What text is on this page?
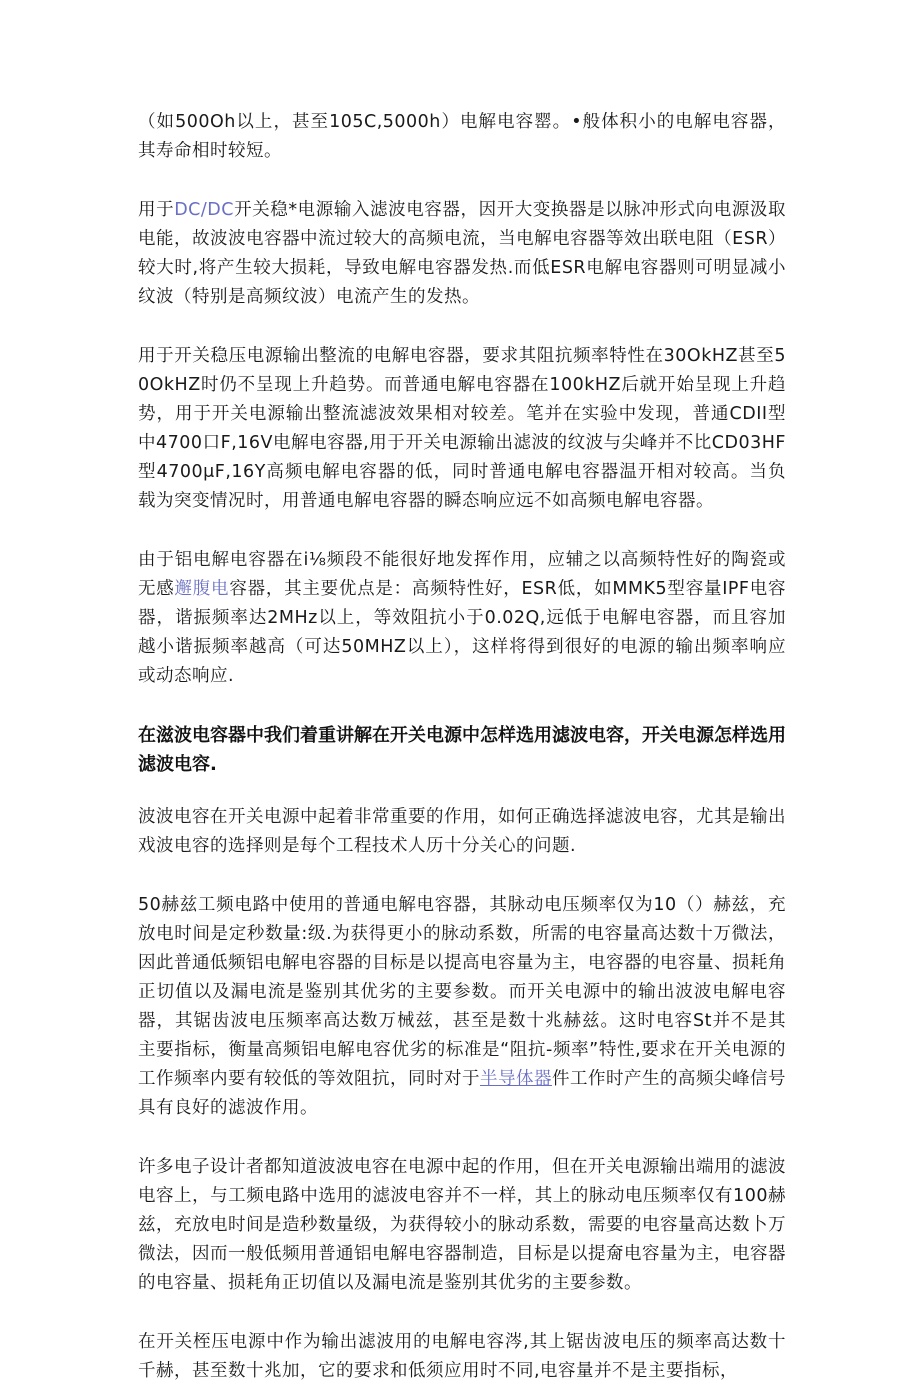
（如500Oh以上，甚至105C,5000h）电解电容罂。•般体积小的电解电容器，其寿命相时较短。

用于DC/DC开关稳*电源输入滤波电容器，因开大变换器是以脉冲形式向电源汲取电能，故波波电容器中流过较大的高频电流，当电解电容器等效出联电阻（ESR）较大时,将产生较大损耗，导致电解电容器发热.而低ESR电解电容器则可明显减小纹波（特别是高频纹波）电流产生的发热。

用于开关稳压电源输出整流的电解电容器，要求其阻抗频率特性在30OkHZ甚至50OkHZ时仍不呈现上升趋势。而普通电解电容器在100kHZ后就开始呈现上升趋势，用于开关电源输出整流滤波效果相对较差。笔并在实验中发现，普通CDII型中4700口F,16V电解电容器,用于开关电源输出滤波的纹波与尖峰并不比CD03HF型4700μF,16Y高频电解电容器的低，同时普通电解电容器温开相对较高。当负载为突变情况时，用普通电解电容器的瞬态响应远不如高频电解电容器。

由于铝电解电容器在i⅛频段不能很好地发挥作用，应辅之以高频特性好的陶瓷或无感邂腹电容器，其主要优点是：高频特性好，ESR低，如MMK5型容量IPF电容器，谐振频率达2MHz以上，等效阻抗小于0.02Q,远低于电解电容器，而且容加越小谐振频率越高（可达50MHZ以上），这样将得到很好的电源的输出频率响应或动态响应.

在滋波电容器中我们着重讲解在开关电源中怎样选用滤波电容，开关电源怎样选用滤波电容.

波波电容在开关电源中起着非常重要的作用，如何正确选择滤波电容，尤其是输出戏波电容的选择则是每个工程技术人历十分关心的问题.

50赫兹工频电路中使用的普通电解电容器，其脉动电压频率仅为10（）赫兹，充放电时间是定秒数量:级.为获得更小的脉动系数，所需的电容量高达数十万微法，因此普通低频铝电解电容器的目标是以提高电容量为主，电容器的电容量、损耗角正切值以及漏电流是鉴别其优劣的主要参数。而开关电源中的输出波波电解电容器，其锯齿波电压频率高达数万械兹，甚至是数十兆赫兹。这时电容St并不是其主要指标，衡量高频铝电解电容优劣的标准是“阻抗-频率”特性,要求在开关电源的工作频率内要有较低的等效阻抗，同时对于半导体器件工作时产生的高频尖峰信号具有良好的滤波作用。

许多电子设计者都知道波波电容在电源中起的作用，但在开关电源输出端用的滤波电容上，与工频电路中选用的滤波电容并不一样，其上的脉动电压频率仅有100赫兹，充放电时间是造秒数量级，为获得较小的脉动系数，需要的电容量高达数卜万微法，因而一般低频用普通铝电解电容器制造，目标是以提奝电容量为主，电容器的电容量、损耗角正切值以及漏电流是鉴别其优劣的主要参数。

在开关桎压电源中作为输出滤波用的电解电容涔,其上锯齿波电压的频率高达数十千赫，甚至数十兆加，它的要求和低须应用时不同,电容量并不是主要指标，
